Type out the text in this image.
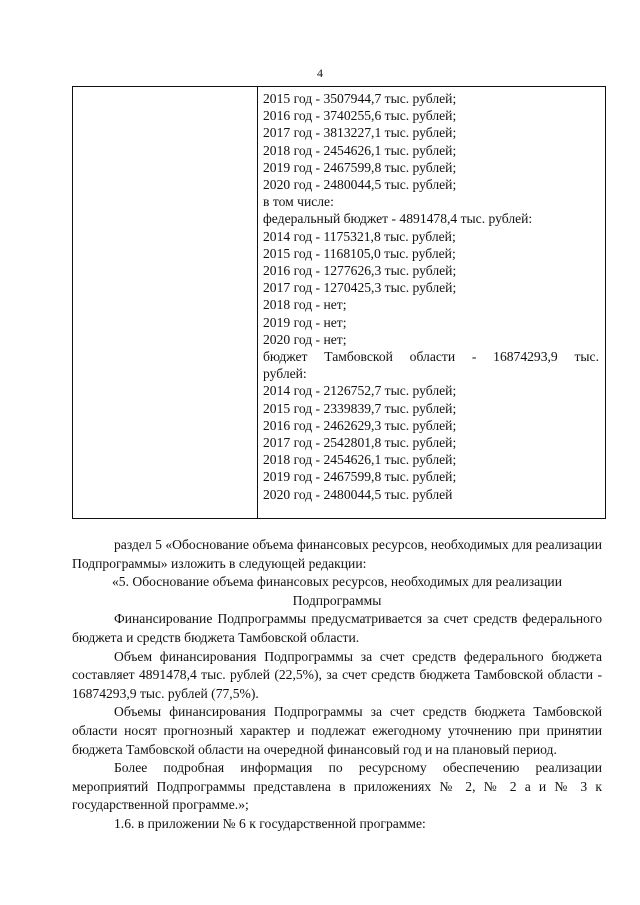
4
2015 год - 3507944,7 тыс. рублей;
2016 год - 3740255,6 тыс. рублей;
2017 год - 3813227,1 тыс. рублей;
2018 год - 2454626,1 тыс. рублей;
2019 год - 2467599,8 тыс. рублей;
2020 год - 2480044,5 тыс. рублей;
в том числе:
федеральный бюджет - 4891478,4 тыс. рублей:
2014 год - 1175321,8 тыс. рублей;
2015 год - 1168105,0 тыс. рублей;
2016 год - 1277626,3 тыс. рублей;
2017 год - 1270425,3 тыс. рублей;
2018 год - нет;
2019 год - нет;
2020 год - нет;
бюджет Тамбовской области - 16874293,9 тыс.
рублей:
2014 год - 2126752,7 тыс. рублей;
2015 год - 2339839,7 тыс. рублей;
2016 год - 2462629,3 тыс. рублей;
2017 год - 2542801,8 тыс. рублей;
2018 год - 2454626,1 тыс. рублей;
2019 год - 2467599,8 тыс. рублей;
2020 год - 2480044,5 тыс. рублей

раздел 5 «Обоснование объема финансовых ресурсов, необходимых для реализации Подпрограммы» изложить в следующей редакции:

«5. Обоснование объема финансовых ресурсов, необходимых для реализации Подпрограммы

Финансирование Подпрограммы предусматривается за счет средств федерального бюджета и средств бюджета Тамбовской области.

Объем финансирования Подпрограммы за счет средств федерального бюджета составляет 4891478,4 тыс. рублей (22,5%), за счет средств бюджета Тамбовской области - 16874293,9 тыс. рублей (77,5%).

Объемы финансирования Подпрограммы за счет средств бюджета Тамбовской области носят прогнозный характер и подлежат ежегодному уточнению при принятии бюджета Тамбовской области на очередной финансовый год и на плановый период.

Более подробная информация по ресурсному обеспечению реализации мероприятий Подпрограммы представлена в приложениях № 2, № 2 а и № 3 к государственной программе.»;

1.6. в приложении № 6 к государственной программе:
